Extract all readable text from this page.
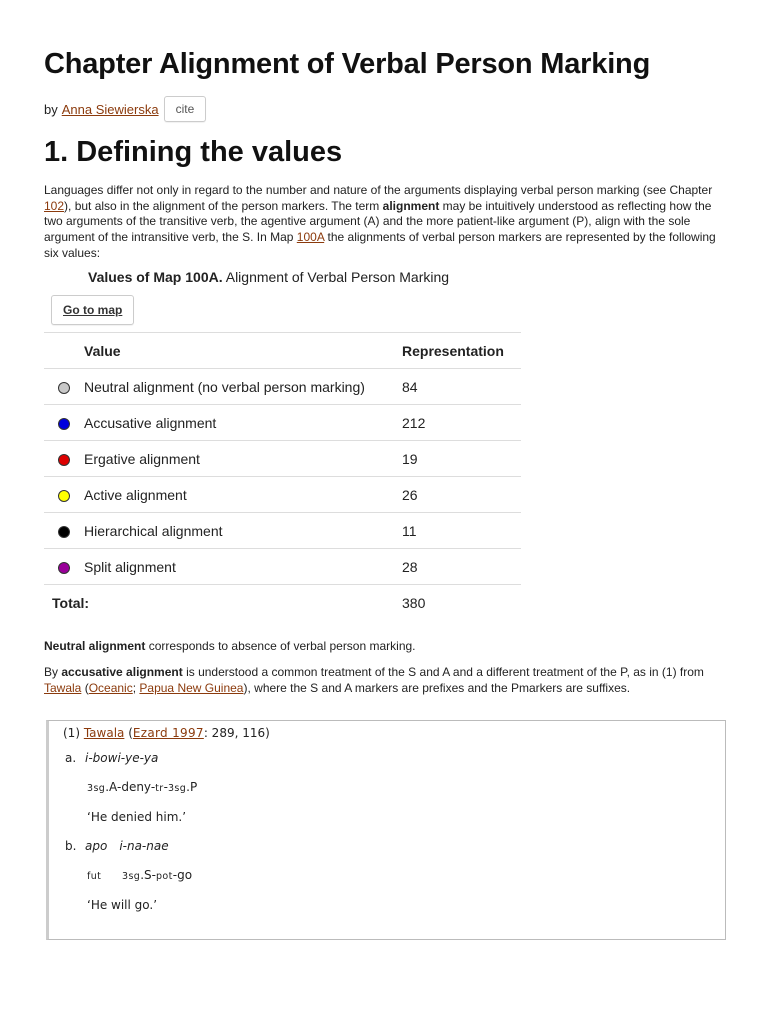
Chapter Alignment of Verbal Person Marking
by Anna Siewierska	cite
1. Defining the values

Languages differ not only in regard to the number and nature of the arguments displaying verbal person marking (see Chapter 102), but also in the alignment of the person markers. The term alignment may be intuitively understood as reflecting how the two arguments of the transitive verb, the agentive argument (A) and the more patient-like argument (P), align with the sole argument of the intransitive verb, the S. In Map 100A the alignments of verbal person markers are represented by the following six values:

Values of Map 100A. Alignment of Verbal Person Marking
Go to map
	Value	Representation
	Neutral alignment (no verbal person marking)	84
	Accusative alignment	212
	Ergative alignment	19
	Active alignment	26
	Hierarchical alignment	11
	Split alignment	28
Total:		380

Neutral alignment corresponds to absence of verbal person marking.

By accusative alignment is understood a common treatment of the S and A and a different treatment of the P, as in (1) from Tawala (Oceanic; Papua New Guinea), where the S and A markers are prefixes and the Pmarkers are suffixes.

(1) Tawala (Ezard 1997: 289, 116)
a. i-bowi-ye-ya
3sg.A-deny-tr-3sg.P
‘He denied him.’
b. apo i-na-nae
fut 3sg.S-pot-go
‘He will go.’
